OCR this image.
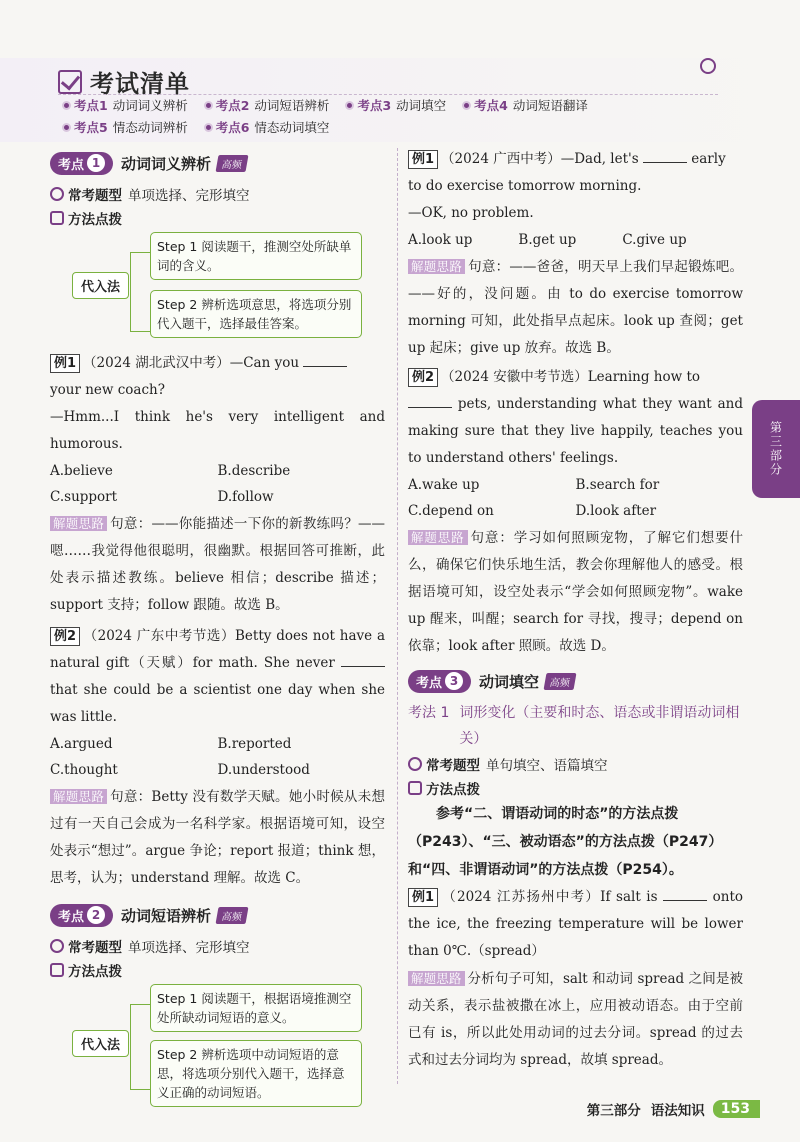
考试清单
考点1 动词词义辨析 考点2 动词短语辨析 考点3 动词填空 考点4 动词短语翻译
考点5 情态动词辨析 考点6 情态动词填空
考点 1	动词词义辨析 高频
常考题型 单项选择、完形填空
方法点拨
代入法
Step 1 阅读题干，推测空处所缺单词的含义。
Step 2 辨析选项意思，将选项分别代入题干，选择最佳答案。

例1 （2024 湖北武汉中考）—Can you
your new coach?
—Hmm...I think he's very intelligent and humorous.

A.believe	B.describe
C.support	D.follow

解题思路 句意：——你能描述一下你的新教练吗？——嗯……我觉得他很聪明，很幽默。根据回答可推断，此处表示描述教练。believe 相信；describe 描述；support 支持；follow 跟随。故选 B。

例2 （2024 广东中考节选）Betty does not have a natural gift（天赋）for math. She never  that she could be a scientist one day when she was little.

A.argued	B.reported
C.thought	D.understood

解题思路 句意：Betty 没有数学天赋。她小时候从未想过有一天自己会成为一名科学家。根据语境可知，设空处表示“想过”。argue 争论；report 报道；think 想，思考，认为；understand 理解。故选 C。

考点 2	动词短语辨析 高频
常考题型 单项选择、完形填空
方法点拨
代入法
Step 1 阅读题干，根据语境推测空处所缺动词短语的意义。
Step 2 辨析选项中动词短语的意思，将选项分别代入题干，选择意义正确的动词短语。

例1 （2024 广西中考）—Dad, let's	early
to do exercise tomorrow morning.
—OK, no problem.

A.look up	B.get up	C.give up

解题思路 句意：——爸爸，明天早上我们早起锻炼吧。——好的，没问题。由 to do exercise tomorrow morning 可知，此处指早点起床。look up 查阅；get up 起床；give up 放弃。故选 B。

例2 （2024 安徽中考节选）Learning how to
pets, understanding what they want and making sure that they live happily, teaches you to understand others' feelings.

A.wake up	B.search for
C.depend on	D.look after

解题思路 句意：学习如何照顾宠物，了解它们想要什么，确保它们快乐地生活，教会你理解他人的感受。根据语境可知，设空处表示“学会如何照顾宠物”。wake up 醒来，叫醒；search for 寻找，搜寻；depend on 依靠；look after 照顾。故选 D。

考点 3	动词填空 高频
考法 1 词形变化（主要和时态、语态或非谓语动词相关）
常考题型 单句填空、语篇填空
方法点拨

参考“二、谓语动词的时态”的方法点拨（P243）、“三、被动语态”的方法点拨（P247）和“四、非谓语动词”的方法点拨（P254）。

例1 （2024 江苏扬州中考）If salt is	onto the ice, the freezing temperature will be lower than 0℃.（spread）

解题思路 分析句子可知，salt 和动词 spread 之间是被动关系，表示盐被撒在冰上，应用被动语态。由于空前已有 is，所以此处用动词的过去分词。spread 的过去式和过去分词均为 spread，故填 spread。

第三部分
第三部分 语法知识	153
